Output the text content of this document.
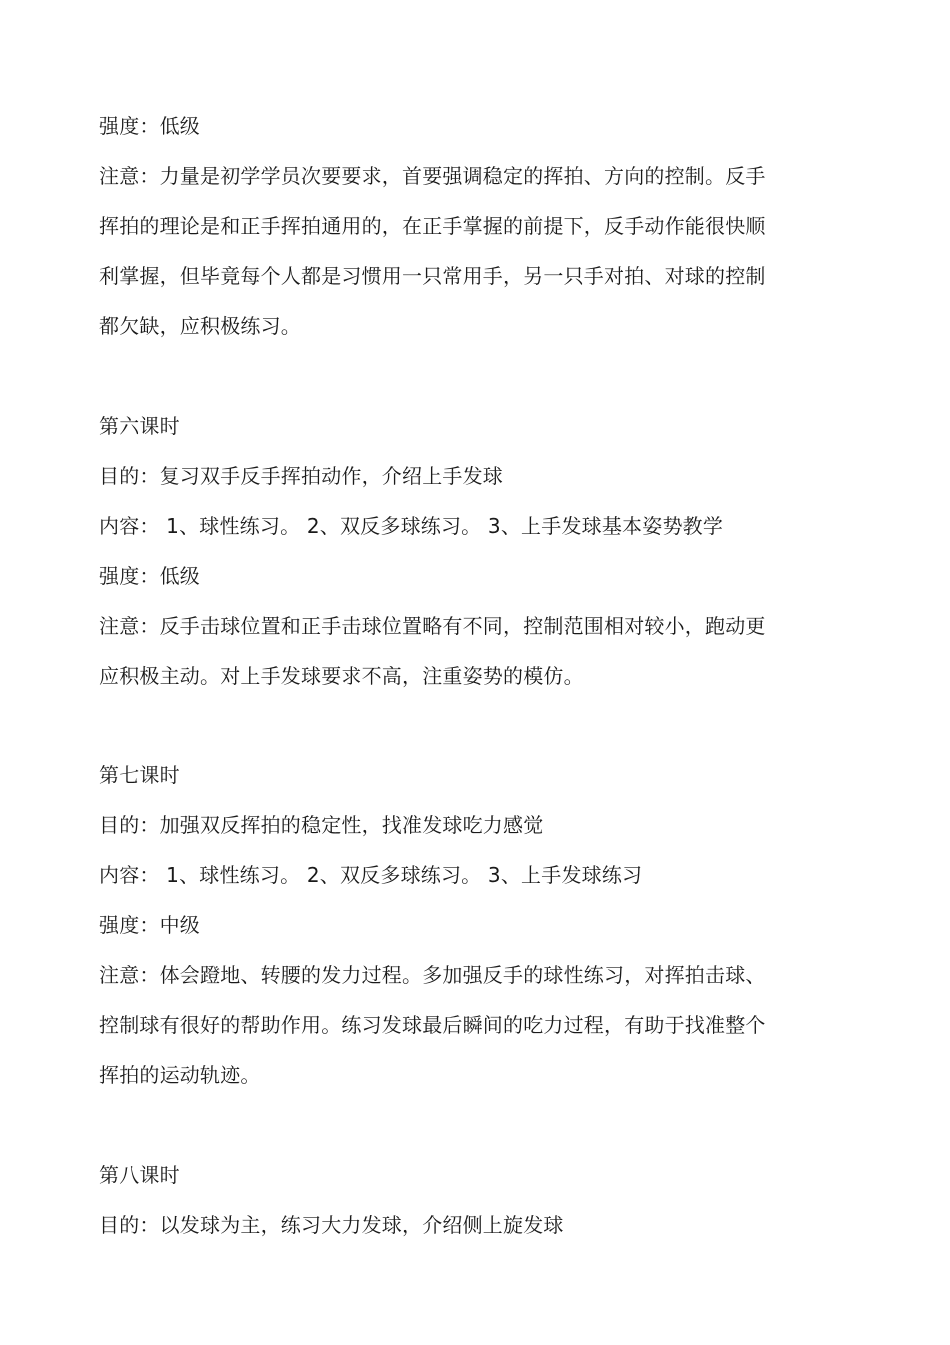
强度：低级
注意：力量是初学学员次要要求，首要强调稳定的挥拍、方向的控制。反手
挥拍的理论是和正手挥拍通用的，在正手掌握的前提下，反手动作能很快顺
利掌握，但毕竟每个人都是习惯用一只常用手，另一只手对拍、对球的控制
都欠缺，应积极练习。
第六课时
目的：复习双手反手挥拍动作，介绍上手发球
内容： 1、球性练习。 2、双反多球练习。 3、上手发球基本姿势教学
强度：低级
注意：反手击球位置和正手击球位置略有不同，控制范围相对较小，跑动更
应积极主动。对上手发球要求不高，注重姿势的模仿。
第七课时
目的：加强双反挥拍的稳定性，找准发球吃力感觉
内容： 1、球性练习。 2、双反多球练习。 3、上手发球练习
强度：中级
注意：体会蹬地、转腰的发力过程。多加强反手的球性练习，对挥拍击球、
控制球有很好的帮助作用。练习发球最后瞬间的吃力过程，有助于找准整个
挥拍的运动轨迹。
第八课时
目的：以发球为主，练习大力发球，介绍侧上旋发球
